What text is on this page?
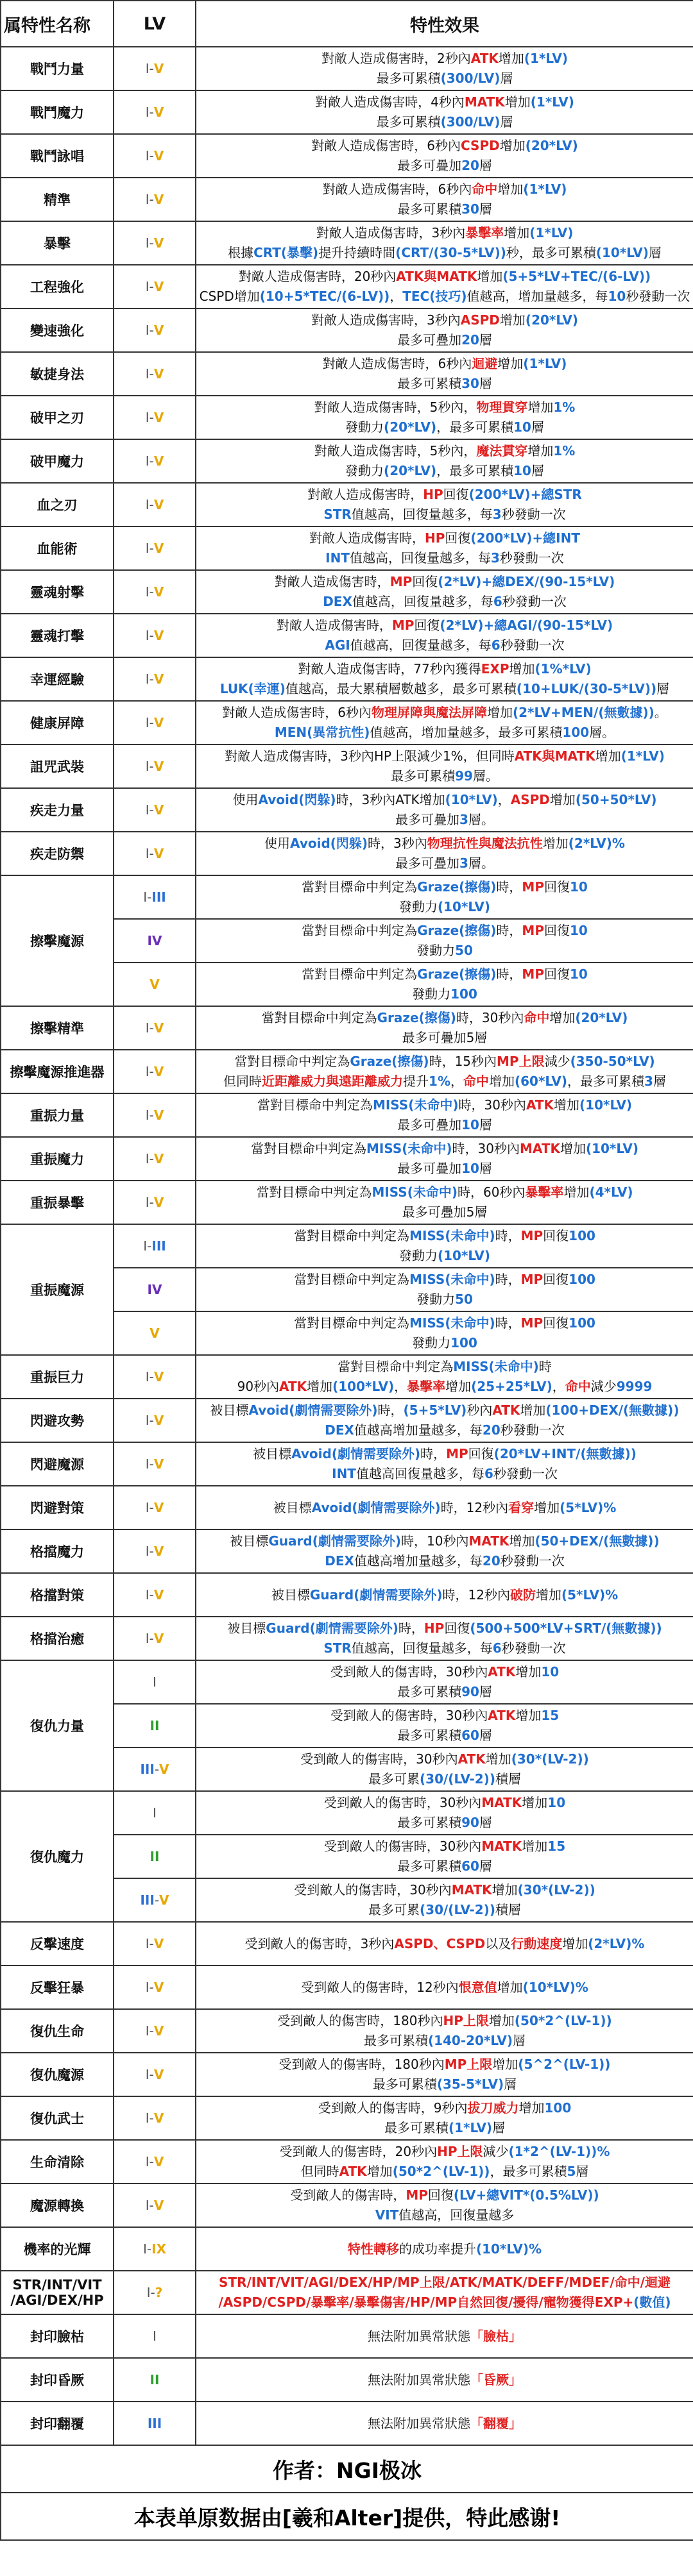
属特性名称	LV	特性效果
戰鬥力量	I-V	對敵人造成傷害時，2秒內ATK增加(1*LV)
最多可累積(300/LV)層

戰鬥魔力	I-V	對敵人造成傷害時，4秒內MATK增加(1*LV)
最多可累積(300/LV)層

戰鬥詠唱	I-V	對敵人造成傷害時，6秒內CSPD增加(20*LV)
最多可疊加20層

精準	I-V	對敵人造成傷害時，6秒內命中增加(1*LV)
最多可累積30層

暴擊	I-V	對敵人造成傷害時，3秒內暴擊率增加(1*LV)
根據CRT(暴擊)提升持續時間(CRT/(30-5*LV))秒，最多可累積(10*LV)層

工程強化	I-V	對敵人造成傷害時，20秒內ATK與MATK增加(5+5*LV+TEC/(6-LV))
CSPD增加(10+5*TEC/(6-LV))，TEC(技巧)值越高，增加量越多，每10秒發動一次

變速強化	I-V	對敵人造成傷害時，3秒內ASPD增加(20*LV)
最多可疊加20層

敏捷身法	I-V	對敵人造成傷害時，6秒內迴避增加(1*LV)
最多可累積30層

破甲之刃	I-V	對敵人造成傷害時，5秒內，物理貫穿增加1%
發動力(20*LV)，最多可累積10層

破甲魔力	I-V	對敵人造成傷害時，5秒內，魔法貫穿增加1%
發動力(20*LV)，最多可累積10層

血之刃	I-V	對敵人造成傷害時，HP回復(200*LV)+總STR
STR值越高，回復量越多，每3秒發動一次

血能術	I-V	對敵人造成傷害時，HP回復(200*LV)+總INT
INT值越高，回復量越多，每3秒發動一次

靈魂射擊	I-V	對敵人造成傷害時，MP回復(2*LV)+總DEX/(90-15*LV)
DEX值越高，回復量越多，每6秒發動一次

靈魂打擊	I-V	對敵人造成傷害時，MP回復(2*LV)+總AGI/(90-15*LV)
AGI值越高，回復量越多，每6秒發動一次

幸運經驗	I-V	對敵人造成傷害時，77秒內獲得EXP增加(1%*LV)
LUK(幸運)值越高，最大累積層數越多，最多可累積(10+LUK/(30-5*LV))層

健康屏障	I-V	對敵人造成傷害時，6秒內物理屏障與魔法屏障增加(2*LV+MEN/(無數據))。
MEN(異常抗性)值越高，增加量越多，最多可累積100層。

詛咒武裝	I-V	對敵人造成傷害時，3秒內HP上限減少1%，但同時ATK與MATK增加(1*LV)
最多可累積99層。

疾走力量	I-V	使用Avoid(閃躲)時，3秒內ATK增加(10*LV)，ASPD增加(50+50*LV)
最多可疊加3層。

疾走防禦	I-V	使用Avoid(閃躲)時，3秒內物理抗性與魔法抗性增加(2*LV)%
最多可疊加3層。

擦擊魔源	I-III	當對目標命中判定為Graze(擦傷)時，MP回復10
發動力(10*LV)

	IV	當對目標命中判定為Graze(擦傷)時，MP回復10
發動力50

	V	當對目標命中判定為Graze(擦傷)時，MP回復10
發動力100

擦擊精準	I-V	當對目標命中判定為Graze(擦傷)時，30秒內命中增加(20*LV)
最多可疊加5層

擦擊魔源推進器	I-V	當對目標命中判定為Graze(擦傷)時，15秒內MP上限減少(350-50*LV)
但同時近距離威力與遠距離威力提升1%，命中增加(60*LV)，最多可累積3層

重振力量	I-V	當對目標命中判定為MISS(未命中)時，30秒內ATK增加(10*LV)
最多可疊加10層

重振魔力	I-V	當對目標命中判定為MISS(未命中)時，30秒內MATK增加(10*LV)
最多可疊加10層

重振暴擊	I-V	當對目標命中判定為MISS(未命中)時，60秒內暴擊率增加(4*LV)
最多可疊加5層

重振魔源	I-III	當對目標命中判定為MISS(未命中)時，MP回復100
發動力(10*LV)

	IV	當對目標命中判定為MISS(未命中)時，MP回復100
發動力50

	V	當對目標命中判定為MISS(未命中)時，MP回復100
發動力100

重振巨力	I-V	當對目標命中判定為MISS(未命中)時
90秒內ATK增加(100*LV)，暴擊率增加(25+25*LV)，命中減少9999

閃避攻勢	I-V	被目標Avoid(劇情需要除外)時，(5+5*LV)秒內ATK增加(100+DEX/(無數據))
DEX值越高增加量越多，每20秒發動一次

閃避魔源	I-V	被目標Avoid(劇情需要除外)時，MP回復(20*LV+INT/(無數據))
INT值越高回復量越多，每6秒發動一次

閃避對策	I-V	被目標Avoid(劇情需要除外)時，12秒內看穿增加(5*LV)%

格擋魔力	I-V	被目標Guard(劇情需要除外)時，10秒內MATK增加(50+DEX/(無數據))
DEX值越高增加量越多，每20秒發動一次

格擋對策	I-V	被目標Guard(劇情需要除外)時，12秒內破防增加(5*LV)%

格擋治癒	I-V	被目標Guard(劇情需要除外)時，HP回復(500+500*LV+SRT/(無數據))
STR值越高，回復量越多，每6秒發動一次

復仇力量	I	受到敵人的傷害時，30秒內ATK增加10
最多可累積90層

	II	受到敵人的傷害時，30秒內ATK增加15
最多可累積60層

	III-V	受到敵人的傷害時，30秒內ATK增加(30*(LV-2))
最多可累(30/(LV-2))積層

復仇魔力	I	受到敵人的傷害時，30秒內MATK增加10
最多可累積90層

	II	受到敵人的傷害時，30秒內MATK增加15
最多可累積60層

	III-V	受到敵人的傷害時，30秒內MATK增加(30*(LV-2))
最多可累(30/(LV-2))積層

反擊速度	I-V	受到敵人的傷害時，3秒內ASPD、CSPD以及行動速度增加(2*LV)%

反擊狂暴	I-V	受到敵人的傷害時，12秒內恨意值增加(10*LV)%

復仇生命	I-V	受到敵人的傷害時，180秒內HP上限增加(50*2^(LV-1))
最多可累積(140-20*LV)層

復仇魔源	I-V	受到敵人的傷害時，180秒內MP上限增加(5^2^(LV-1))
最多可累積(35-5*LV)層

復仇武士	I-V	受到敵人的傷害時，9秒內拔刀威力增加100
最多可累積(1*LV)層

生命清除	I-V	受到敵人的傷害時，20秒內HP上限減少(1*2^(LV-1))%
但同時ATK增加(50*2^(LV-1))，最多可累積5層

魔源轉換	I-V	受到敵人的傷害時，MP回復(LV+總VIT*(0.5%LV))
VIT值越高，回復量越多

機率的光輝	I-IX	特性轉移的成功率提升(10*LV)%

STR/INT/VIT /AGI/DEX/HP	I-?	STR/INT/VIT/AGI/DEX/HP/MP上限/ATK/MATK/DEFF/MDEF/命中/迴避
/ASPD/CSPD/暴擊率/暴擊傷害/HP/MP自然回復/擾得/寵物獲得EXP+(數值)

封印臉枯	I	無法附加異常狀態「臉枯」

封印昏厥	II	無法附加異常狀態「昏厥」

封印翻覆	III	無法附加異常狀態「翻覆」

作者：NGI极冰		
本表单原数据由[羲和Alter]提供，特此感谢!		
